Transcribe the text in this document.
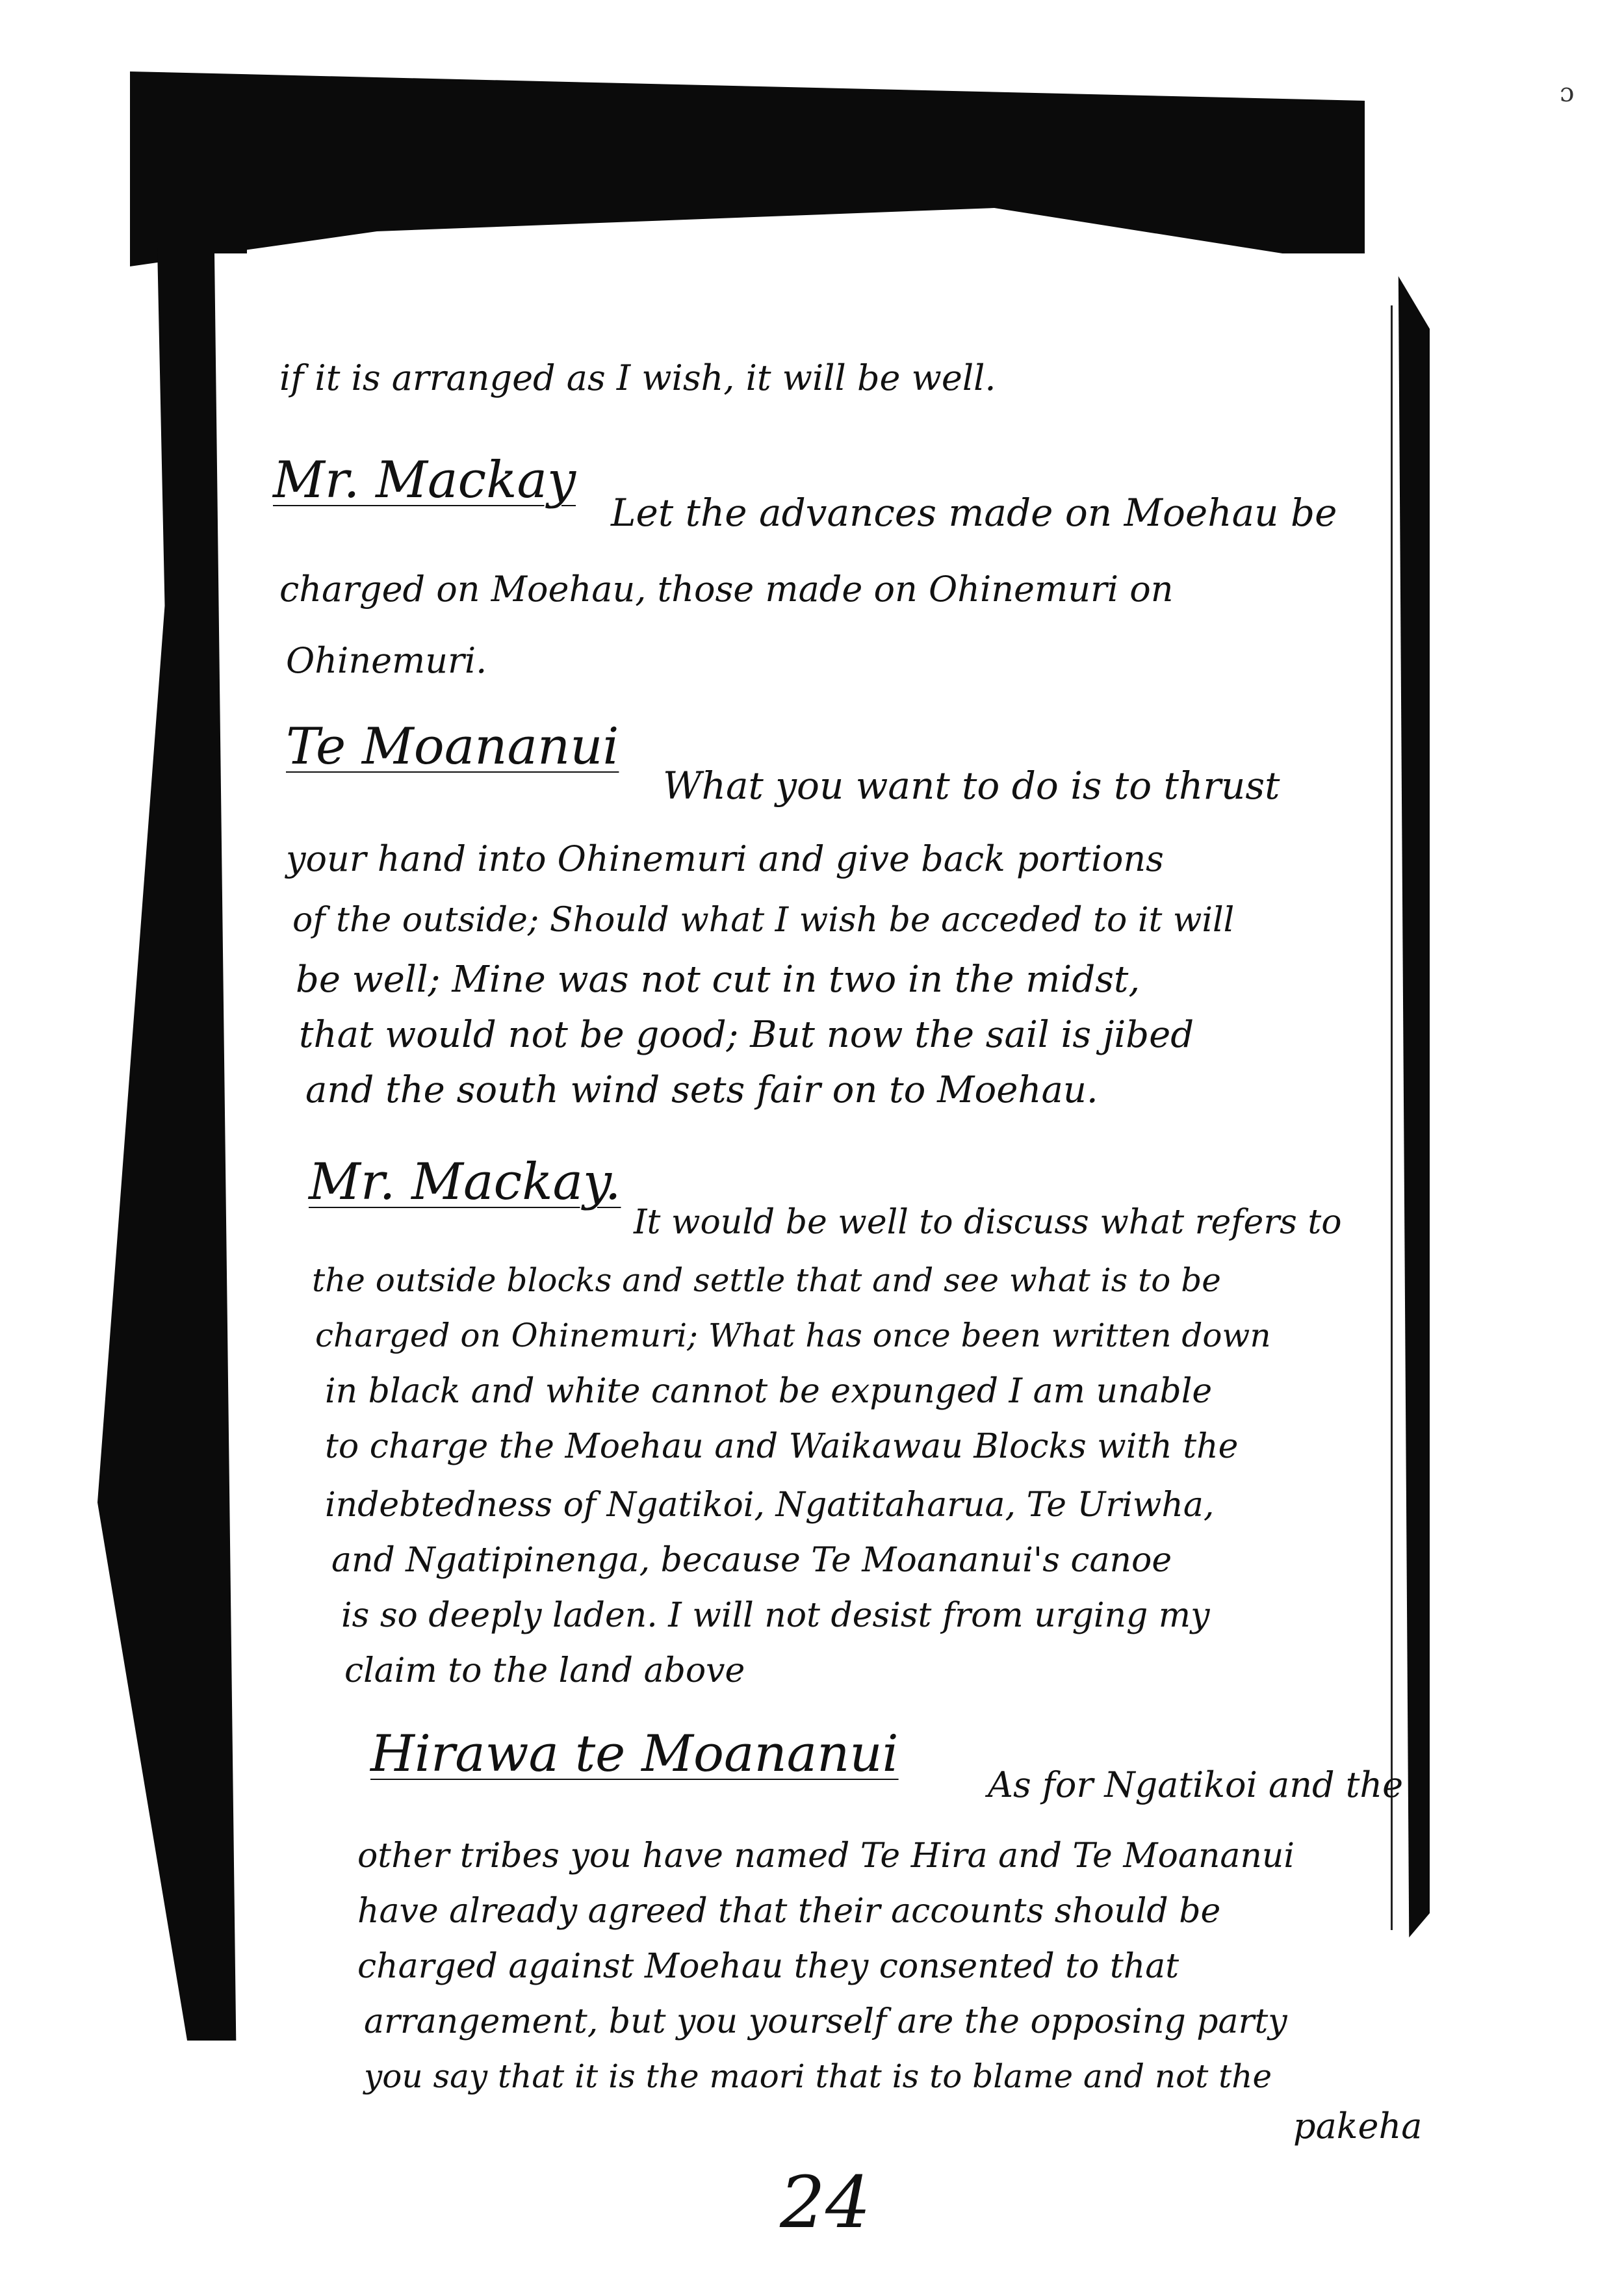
ɔ
if it is arranged as I wish, it will be well.
Mr. Mackay
Let the advances made on Moehau be
charged on Moehau, those made on Ohinemuri on
Ohinemuri.
Te Moananui
What you want to do is to thrust
your hand into Ohinemuri and give back portions
of the outside; Should what I wish be acceded to it will
be well; Mine was not cut in two in the midst,
that would not be good; But now the sail is jibed
and the south wind sets fair on to Moehau.
Mr. Mackay.
It would be well to discuss what refers to
the outside blocks and settle that and see what is to be
charged on Ohinemuri; What has once been written down
in black and white cannot be expunged I am unable
to charge the Moehau and Waikawau Blocks with the
indebtedness of Ngatikoi, Ngatitaharua, Te Uriwha,
and Ngatipinenga, because Te Moananui's canoe
is so deeply laden. I will not desist from urging my
claim to the land above
Hirawa te Moananui
As for Ngatikoi and the
other tribes you have named Te Hira and Te Moananui
have already agreed that their accounts should be
charged against Moehau they consented to that
arrangement, but you yourself are the opposing party
you say that it is the maori that is to blame and not the
pakeha
24
